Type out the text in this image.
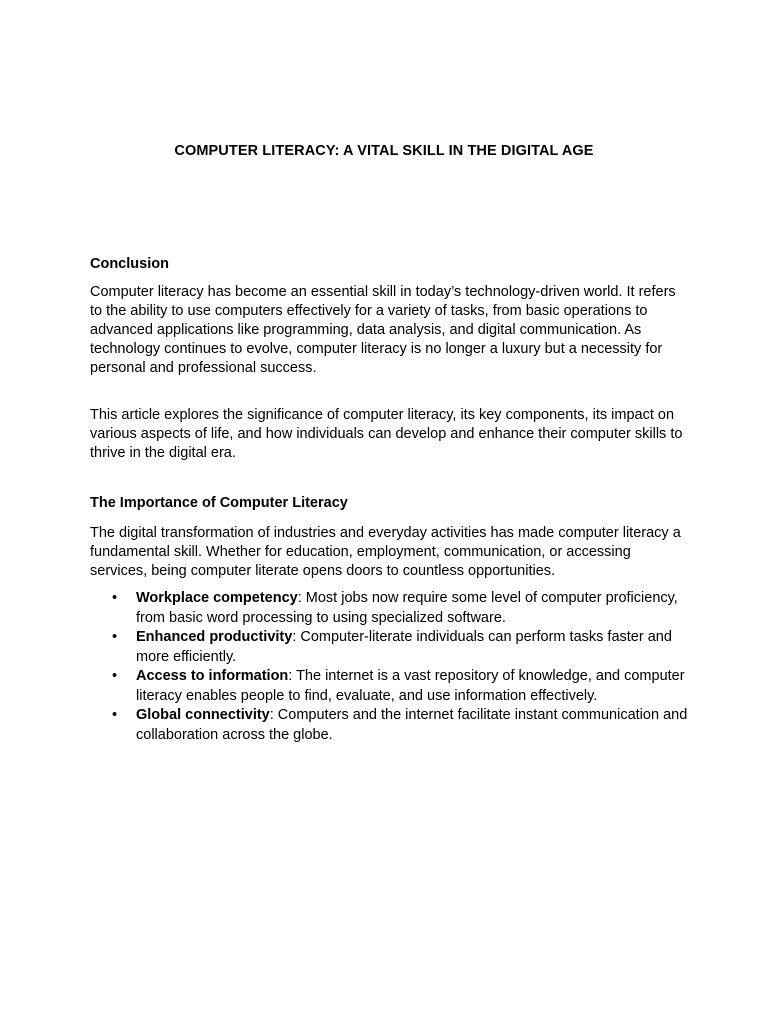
COMPUTER LITERACY: A VITAL SKILL IN THE DIGITAL AGE
Conclusion

Computer literacy has become an essential skill in today’s technology-driven world. It refers to the ability to use computers effectively for a variety of tasks, from basic operations to advanced applications like programming, data analysis, and digital communication. As technology continues to evolve, computer literacy is no longer a luxury but a necessity for personal and professional success.

This article explores the significance of computer literacy, its key components, its impact on various aspects of life, and how individuals can develop and enhance their computer skills to thrive in the digital era.

The Importance of Computer Literacy

The digital transformation of industries and everyday activities has made computer literacy a fundamental skill. Whether for education, employment, communication, or accessing services, being computer literate opens doors to countless opportunities.

• Workplace competency: Most jobs now require some level of computer proficiency, from basic word processing to using specialized software.
• Enhanced productivity: Computer-literate individuals can perform tasks faster and more efficiently.
• Access to information: The internet is a vast repository of knowledge, and computer literacy enables people to find, evaluate, and use information effectively.
• Global connectivity: Computers and the internet facilitate instant communication and collaboration across the globe.
